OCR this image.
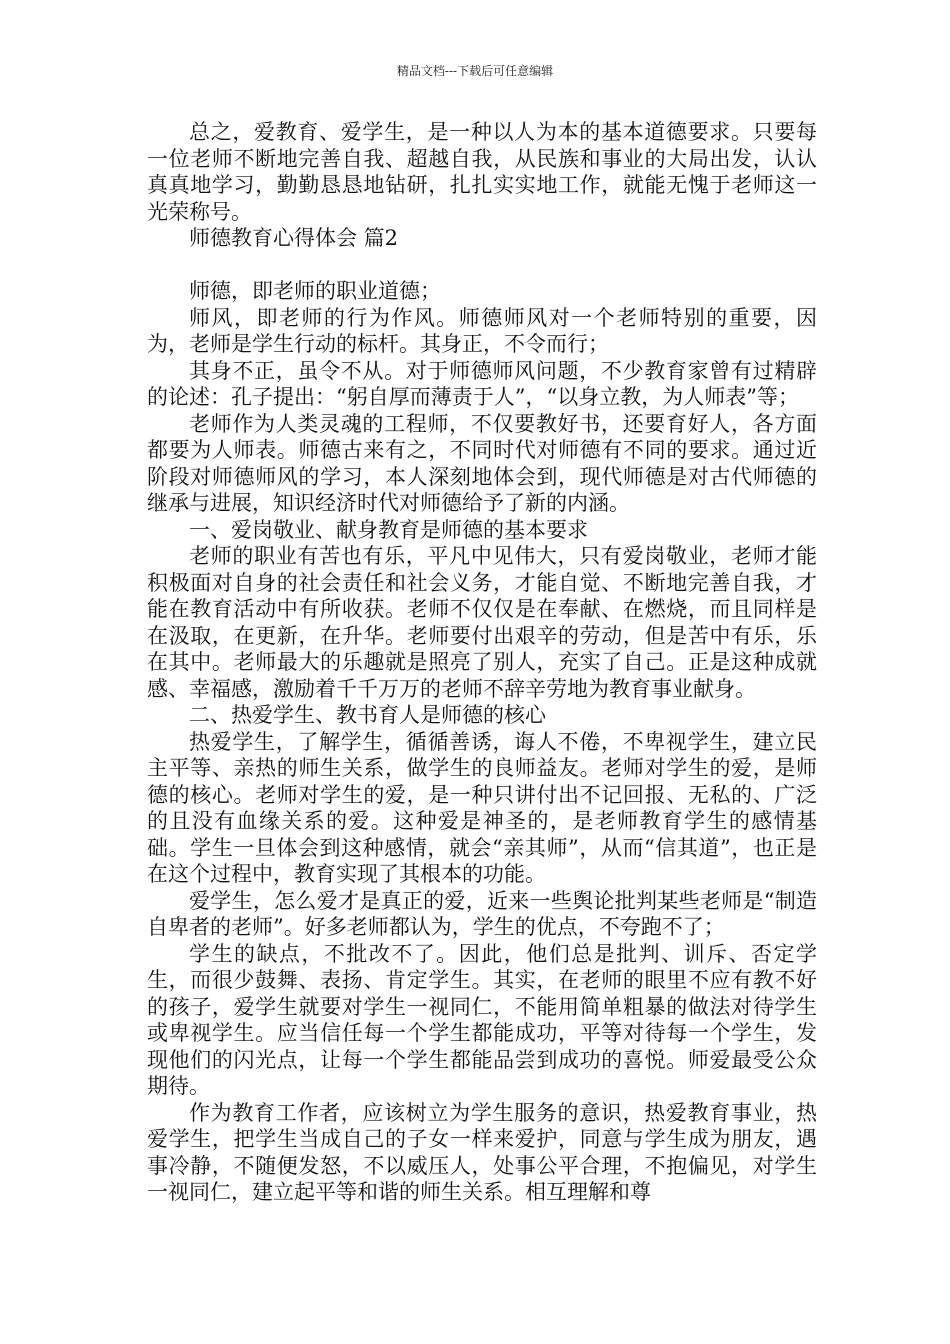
精品文档---下载后可任意编辑

总之，爱教育、爱学生，是一种以人为本的基本道德要求。只要每一位老师不断地完善自我、超越自我，从民族和事业的大局出发，认认真真地学习，勤勤恳恳地钻研，扎扎实实地工作，就能无愧于老师这一光荣称号。

师德教育心得体会 篇2

师德，即老师的职业道德；

师风，即老师的行为作风。师德师风对一个老师特别的重要，因为，老师是学生行动的标杆。其身正，不令而行；

其身不正，虽令不从。对于师德师风问题，不少教育家曾有过精辟的论述：孔子提出：“躬自厚而薄责于人”，“以身立教，为人师表”等；

老师作为人类灵魂的工程师，不仅要教好书，还要育好人，各方面都要为人师表。师德古来有之，不同时代对师德有不同的要求。通过近阶段对师德师风的学习，本人深刻地体会到，现代师德是对古代师德的继承与进展，知识经济时代对师德给予了新的内涵。

一、爱岗敬业、献身教育是师德的基本要求

老师的职业有苦也有乐，平凡中见伟大，只有爱岗敬业，老师才能积极面对自身的社会责任和社会义务，才能自觉、不断地完善自我，才能在教育活动中有所收获。老师不仅仅是在奉献、在燃烧，而且同样是在汲取，在更新，在升华。老师要付出艰辛的劳动，但是苦中有乐，乐在其中。老师最大的乐趣就是照亮了别人，充实了自己。正是这种成就感、幸福感，激励着千千万万的老师不辞辛劳地为教育事业献身。

二、热爱学生、教书育人是师德的核心

热爱学生，了解学生，循循善诱，诲人不倦，不卑视学生，建立民主平等、亲热的师生关系，做学生的良师益友。老师对学生的爱，是师德的核心。老师对学生的爱，是一种只讲付出不记回报、无私的、广泛的且没有血缘关系的爱。这种爱是神圣的，是老师教育学生的感情基础。学生一旦体会到这种感情，就会“亲其师”，从而“信其道”，也正是在这个过程中，教育实现了其根本的功能。

爱学生，怎么爱才是真正的爱，近来一些舆论批判某些老师是“制造自卑者的老师”。好多老师都认为，学生的优点，不夸跑不了；

学生的缺点，不批改不了。因此，他们总是批判、训斥、否定学生，而很少鼓舞、表扬、肯定学生。其实，在老师的眼里不应有教不好的孩子，爱学生就要对学生一视同仁，不能用简单粗暴的做法对待学生或卑视学生。应当信任每一个学生都能成功，平等对待每一个学生，发现他们的闪光点，让每一个学生都能品尝到成功的喜悦。师爱最受公众期待。

作为教育工作者，应该树立为学生服务的意识，热爱教育事业，热爱学生，把学生当成自己的子女一样来爱护，同意与学生成为朋友，遇事冷静，不随便发怒，不以威压人，处事公平合理，不抱偏见，对学生一视同仁，建立起平等和谐的师生关系。相互理解和尊
